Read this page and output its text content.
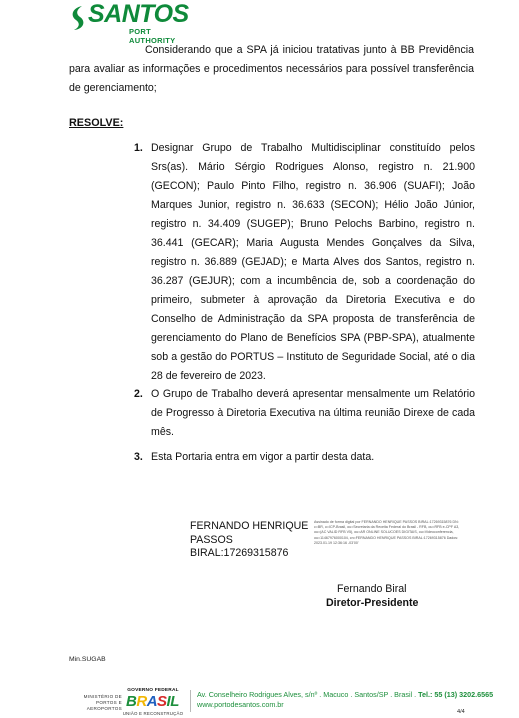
SANTOS
PORT AUTHORITY
Considerando que a SPA já iniciou tratativas junto à BB Previdência para avaliar as informações e procedimentos necessários para possível transferência de gerenciamento;
RESOLVE:
1. Designar Grupo de Trabalho Multidisciplinar constituído pelos Srs(as). Mário Sérgio Rodrigues Alonso, registro n. 21.900 (GECON); Paulo Pinto Filho, registro n. 36.906 (SUAFI); João Marques Junior, registro n. 36.633 (SECON); Hélio João Júnior, registro n. 34.409 (SUGEP); Bruno Pelochs Barbino, registro n. 36.441 (GECAR); Maria Augusta Mendes Gonçalves da Silva, registro n. 36.889 (GEJAD); e Marta Alves dos Santos, registro n. 36.287 (GEJUR); com a incumbência de, sob a coordenação do primeiro, submeter à aprovação da Diretoria Executiva e do Conselho de Administração da SPA proposta de transferência de gerenciamento do Plano de Benefícios SPA (PBP-SPA), atualmente sob a gestão do PORTUS – Instituto de Seguridade Social, até o dia 28 de fevereiro de 2023.
2. O Grupo de Trabalho deverá apresentar mensalmente um Relatório de Progresso à Diretoria Executiva na última reunião Direxe de cada mês.
3. Esta Portaria entra em vigor a partir desta data.
FERNANDO HENRIQUE PASSOS BIRAL:17269315876
Assinado de forma digital por FERNANDO HENRIQUE PASSOS BIRAL:17269315876 DN: c=BR, o=ICP-Brasil, ou=Secretaria da Receita Federal do Brasil - RFB, ou=RFB e-CPF A3, ou=(AC VALID RFB V5), ou=AR ONLINE SOLUCOES DIGITAIS, ou=Videoconferencia, ou=11467976000104, cn=FERNANDO HENRIQUE PASSOS BIRAL:17269315876 Dados: 2023.01.19 12:36:16 -03'00'
Fernando Biral
Diretor-Presidente
Min.SUGAB
MINISTÉRIO DE PORTOS E AEROPORTOS
GOVERNO FEDERAL
BRASIL
UNIÃO E RECONSTRUÇÃO
Av. Conselheiro Rodrigues Alves, s/nº . Macuco . Santos/SP . Brasil . Tel.: 55 (13) 3202.6565
www.portodesantos.com.br
4/4
